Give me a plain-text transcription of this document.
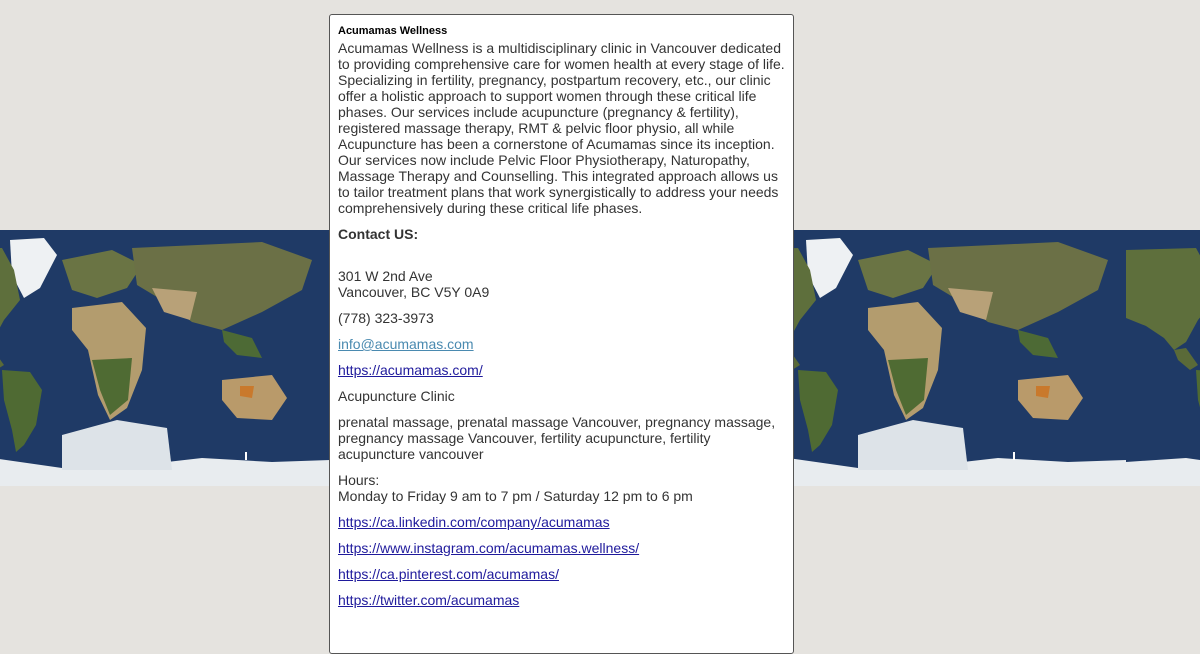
Acumamas Wellness
Acumamas Wellness is a multidisciplinary clinic in Vancouver dedicated to providing comprehensive care for women health at every stage of life. Specializing in fertility, pregnancy, postpartum recovery, etc., our clinic offer a holistic approach to support women through these critical life phases. Our services include acupuncture (pregnancy & fertility), registered massage therapy, RMT & pelvic floor physio, all while Acupuncture has been a cornerstone of Acumamas since its inception. Our services now include Pelvic Floor Physiotherapy, Naturopathy, Massage Therapy and Counselling. This integrated approach allows us to tailor treatment plans that work synergistically to address your needs comprehensively during these critical life phases.
Contact US:
301 W 2nd Ave
Vancouver, BC V5Y 0A9
(778) 323-3973
info@acumamas.com
https://acumamas.com/
Acupuncture Clinic
prenatal massage, prenatal massage Vancouver, pregnancy massage, pregnancy massage Vancouver, fertility acupuncture, fertility acupuncture vancouver
Hours:
Monday to Friday 9 am to 7 pm / Saturday 12 pm to 6 pm
https://ca.linkedin.com/company/acumamas
https://www.instagram.com/acumamas.wellness/
https://ca.pinterest.com/acumamas/
https://twitter.com/acumamas
